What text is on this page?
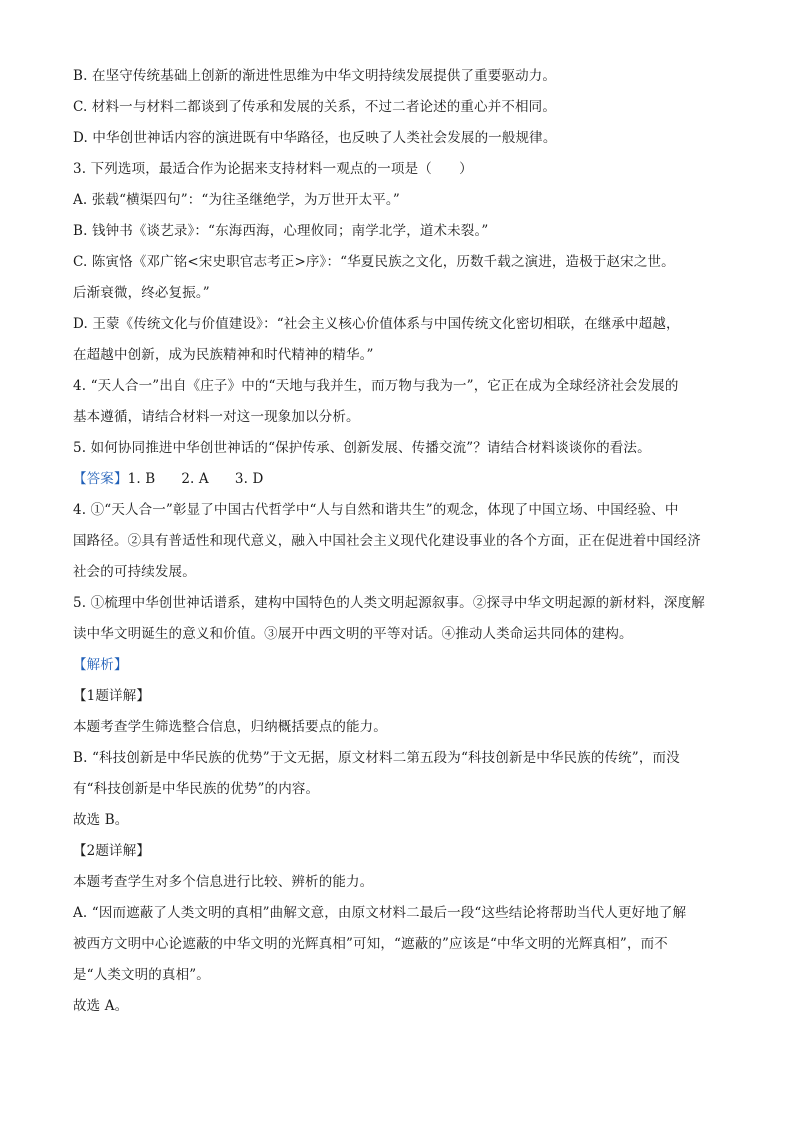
B. 在坚守传统基础上创新的渐进性思维为中华文明持续发展提供了重要驱动力。
C. 材料一与材料二都谈到了传承和发展的关系，不过二者论述的重心并不相同。
D. 中华创世神话内容的演进既有中华路径，也反映了人类社会发展的一般规律。
3. 下列选项，最适合作为论据来支持材料一观点的一项是（　　）
A. 张载“横渠四句”：“为往圣继绝学，为万世开太平。”
B. 钱钟书《谈艺录》：“东海西海，心理攸同；南学北学，道术未裂。”
C. 陈寅恪《邓广铭<宋史职官志考正>序》：“华夏民族之文化，历数千载之演进，造极于赵宋之世。
后渐衰微，终必复振。”
D. 王蒙《传统文化与价值建设》：“社会主义核心价值体系与中国传统文化密切相联，在继承中超越，
在超越中创新，成为民族精神和时代精神的精华。”
4. “天人合一”出自《庄子》中的“天地与我并生，而万物与我为一”，它正在成为全球经济社会发展的
基本遵循，请结合材料一对这一现象加以分析。
5. 如何协同推进中华创世神话的“保护传承、创新发展、传播交流”？请结合材料谈谈你的看法。
【答案】1. B 2. A 3. D
4. ①“天人合一”彰显了中国古代哲学中“人与自然和谐共生”的观念，体现了中国立场、中国经验、中
国路径。②具有普适性和现代意义，融入中国社会主义现代化建设事业的各个方面，正在促进着中国经济
社会的可持续发展。
5. ①梳理中华创世神话谱系，建构中国特色的人类文明起源叙事。②探寻中华文明起源的新材料，深度解
读中华文明诞生的意义和价值。③展开中西文明的平等对话。④推动人类命运共同体的建构。
【解析】
【1题详解】
本题考查学生筛选整合信息，归纳概括要点的能力。
B. “科技创新是中华民族的优势”于文无据，原文材料二第五段为“科技创新是中华民族的传统”，而没
有“科技创新是中华民族的优势”的内容。
故选 B。
【2题详解】
本题考查学生对多个信息进行比较、辨析的能力。
A. “因而遮蔽了人类文明的真相”曲解文意，由原文材料二最后一段“这些结论将帮助当代人更好地了解
被西方文明中心论遮蔽的中华文明的光辉真相”可知，“遮蔽的”应该是“中华文明的光辉真相”，而不
是“人类文明的真相”。
故选 A。
